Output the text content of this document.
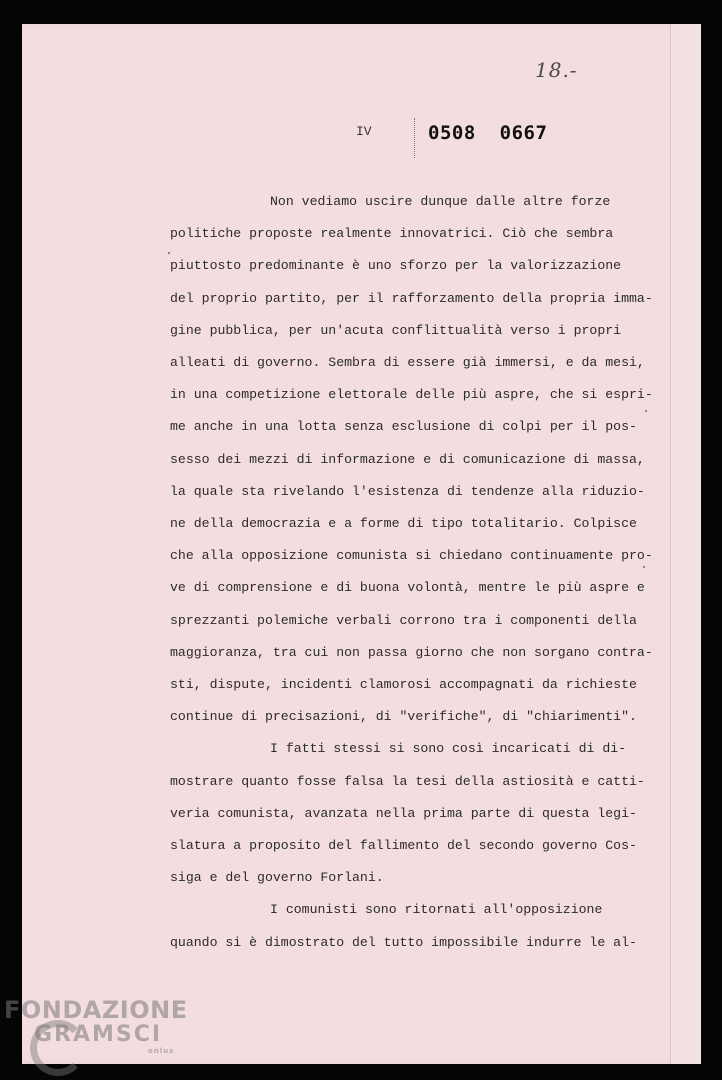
18.-
IV	0508  0667
Non vediamo uscire dunque dalle altre forze
politiche proposte realmente innovatrici. Ciò che sembra
piuttosto predominante è uno sforzo per la valorizzazione
del proprio partito, per il rafforzamento della propria imma-
gine pubblica, per un'acuta conflittualità verso i propri
alleati di governo. Sembra di essere già immersi, e da mesi,
in una competizione elettorale delle più aspre, che si espri-
me anche in una lotta senza esclusione di colpi per il pos-
sesso dei mezzi di informazione e di comunicazione di massa,
la quale sta rivelando l'esistenza di tendenze alla riduzio-
ne della democrazia e a forme di tipo totalitario. Colpisce
che alla opposizione comunista si chiedano continuamente pro-
ve di comprensione e di buona volontà, mentre le più aspre e
sprezzanti polemiche verbali corrono tra i componenti della
maggioranza, tra cui non passa giorno che non sorgano contra-
sti, dispute, incidenti clamorosi accompagnati da richieste
continue di precisazioni, di "verifiche", di "chiarimenti".
I fatti stessi si sono così incaricati di di-
mostrare quanto fosse falsa la tesi della astiosità e catti-
veria comunista, avanzata nella prima parte di questa legi-
slatura a proposito del fallimento del secondo governo Cos-
siga e del governo Forlani.
I comunisti sono ritornati all'opposizione
quando si è dimostrato del tutto impossibile indurre le al-
FONDAZIONE
GRAMSCI
onlus
